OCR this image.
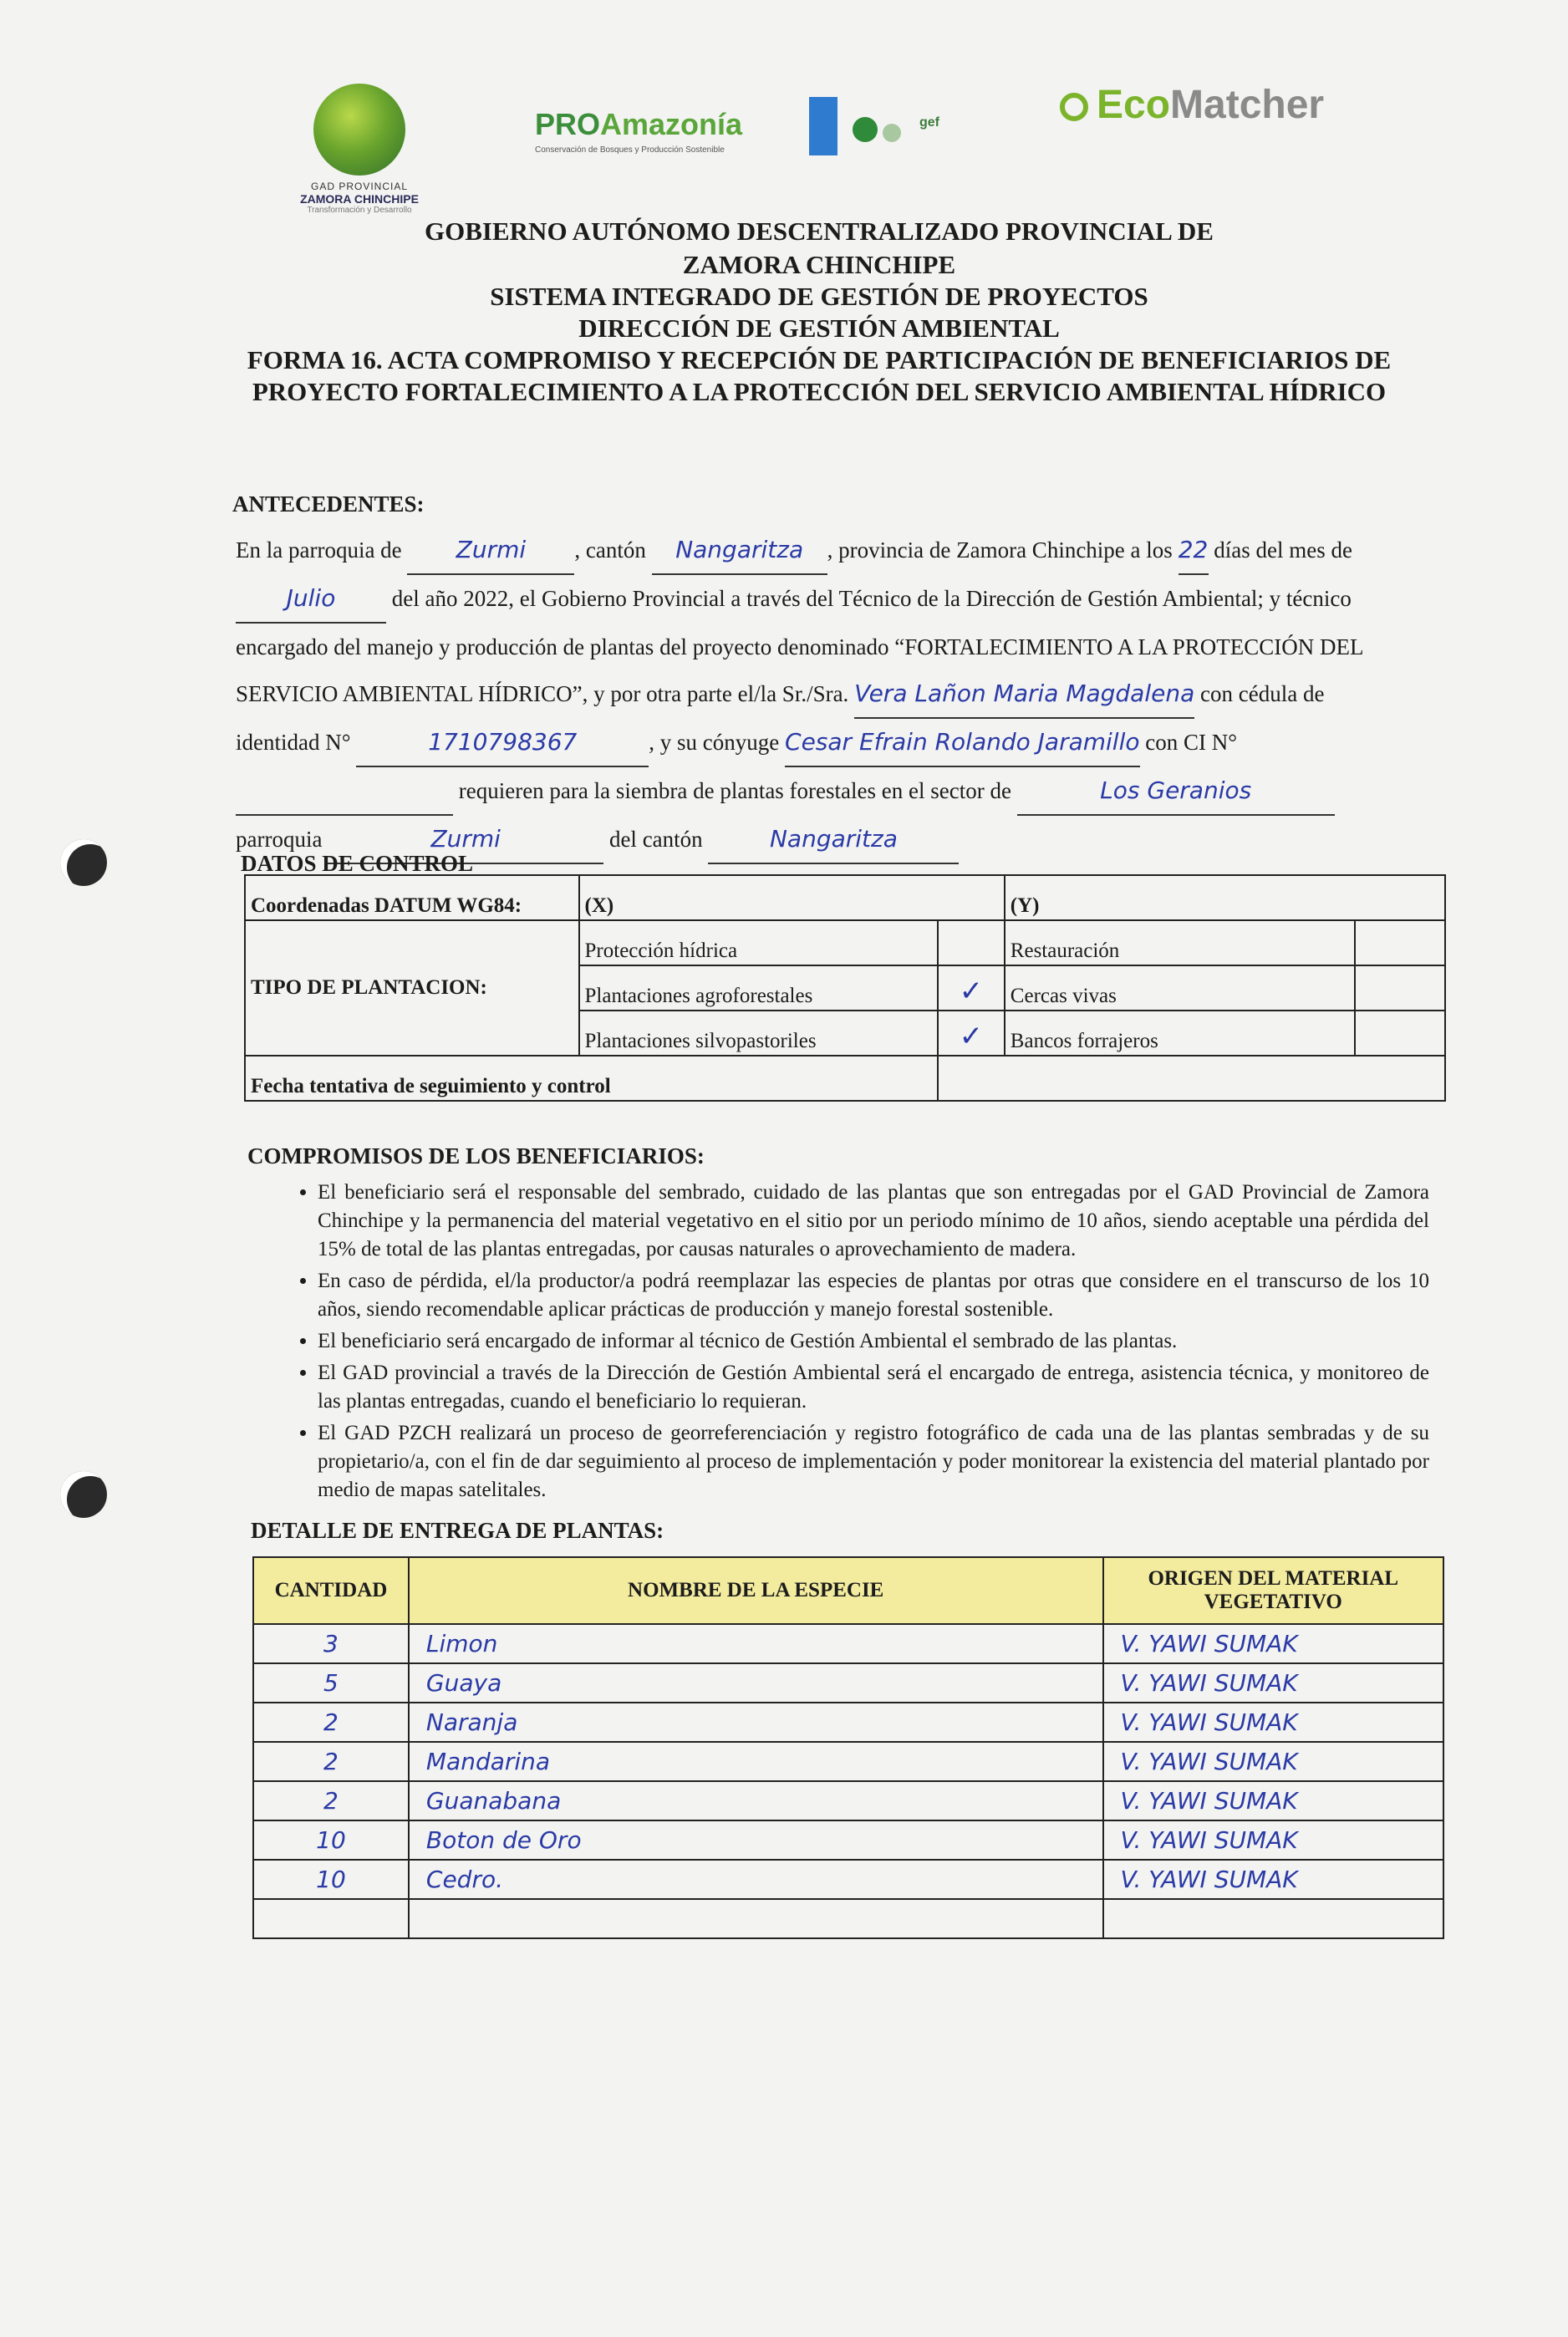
GAD PROVINCIAL
ZAMORA CHINCHIPE
Transformación y Desarrollo
PROAmazonía
Conservación de Bosques y Producción Sostenible
gef	EcoMatcher
GOBIERNO AUTÓNOMO DESCENTRALIZADO PROVINCIAL DE
ZAMORA CHINCHIPE
SISTEMA INTEGRADO DE GESTIÓN DE PROYECTOS
DIRECCIÓN DE GESTIÓN AMBIENTAL
FORMA 16. ACTA COMPROMISO Y RECEPCIÓN DE PARTICIPACIÓN DE BENEFICIARIOS DE
PROYECTO FORTALECIMIENTO A LA PROTECCIÓN DEL SERVICIO AMBIENTAL HÍDRICO
ANTECEDENTES:
En la parroquia de Zurmi , cantón Nangaritza , provincia de Zamora Chinchipe a los 22 días del mes de Julio del año 2022, el Gobierno Provincial a través del Técnico de la Dirección de Gestión Ambiental; y técnico encargado del manejo y producción de plantas del proyecto denominado “FORTALECIMIENTO A LA PROTECCIÓN DEL SERVICIO AMBIENTAL HÍDRICO”, y por otra parte el/la Sr./Sra. Vera Lañon Maria Magdalena con cédula de identidad N°	1710798367	, y su cónyuge Cesar Efrain Rolando Jaramillo con CI N°   requieren para la siembra de plantas forestales en el sector de	Los Geranios parroquia	Zurmi	del cantón	Nangaritza
DATOS DE CONTROL
Coordenadas DATUM WG84:	(X)		(Y)	
TIPO DE PLANTACION:	Protección hídrica		Restauración	
	Plantaciones agroforestales	✓	Cercas vivas	
	Plantaciones silvopastoriles	✓	Bancos forrajeros	
Fecha tentativa de seguimiento y control				
COMPROMISOS DE LOS BENEFICIARIOS:
• El beneficiario será el responsable del sembrado, cuidado de las plantas que son entregadas por el GAD Provincial de Zamora Chinchipe y la permanencia del material vegetativo en el sitio por un periodo mínimo de 10 años, siendo aceptable una pérdida del 15% de total de las plantas entregadas, por causas naturales o aprovechamiento de madera.
• En caso de pérdida, el/la productor/a podrá reemplazar las especies de plantas por otras que considere en el transcurso de los 10 años, siendo recomendable aplicar prácticas de producción y manejo forestal sostenible.
• El beneficiario será encargado de informar al técnico de Gestión Ambiental el sembrado de las plantas.
• El GAD provincial a través de la Dirección de Gestión Ambiental será el encargado de entrega, asistencia técnica, y monitoreo de las plantas entregadas, cuando el beneficiario lo requieran.
• El GAD PZCH realizará un proceso de georreferenciación y registro fotográfico de cada una de las plantas sembradas y de su propietario/a, con el fin de dar seguimiento al proceso de implementación y poder monitorear la existencia del material plantado por medio de mapas satelitales.
DETALLE DE ENTREGA DE PLANTAS:
CANTIDAD	NOMBRE DE LA ESPECIE	ORIGEN DEL MATERIAL VEGETATIVO
3	Limon	V. YAWI SUMAK
5	Guaya	V. YAWI SUMAK
2	Naranja	V. YAWI SUMAK
2	Mandarina	V. YAWI SUMAK
2	Guanabana	V. YAWI SUMAK
10	Boton de Oro	V. YAWI SUMAK
10	Cedro.	V. YAWI SUMAK
